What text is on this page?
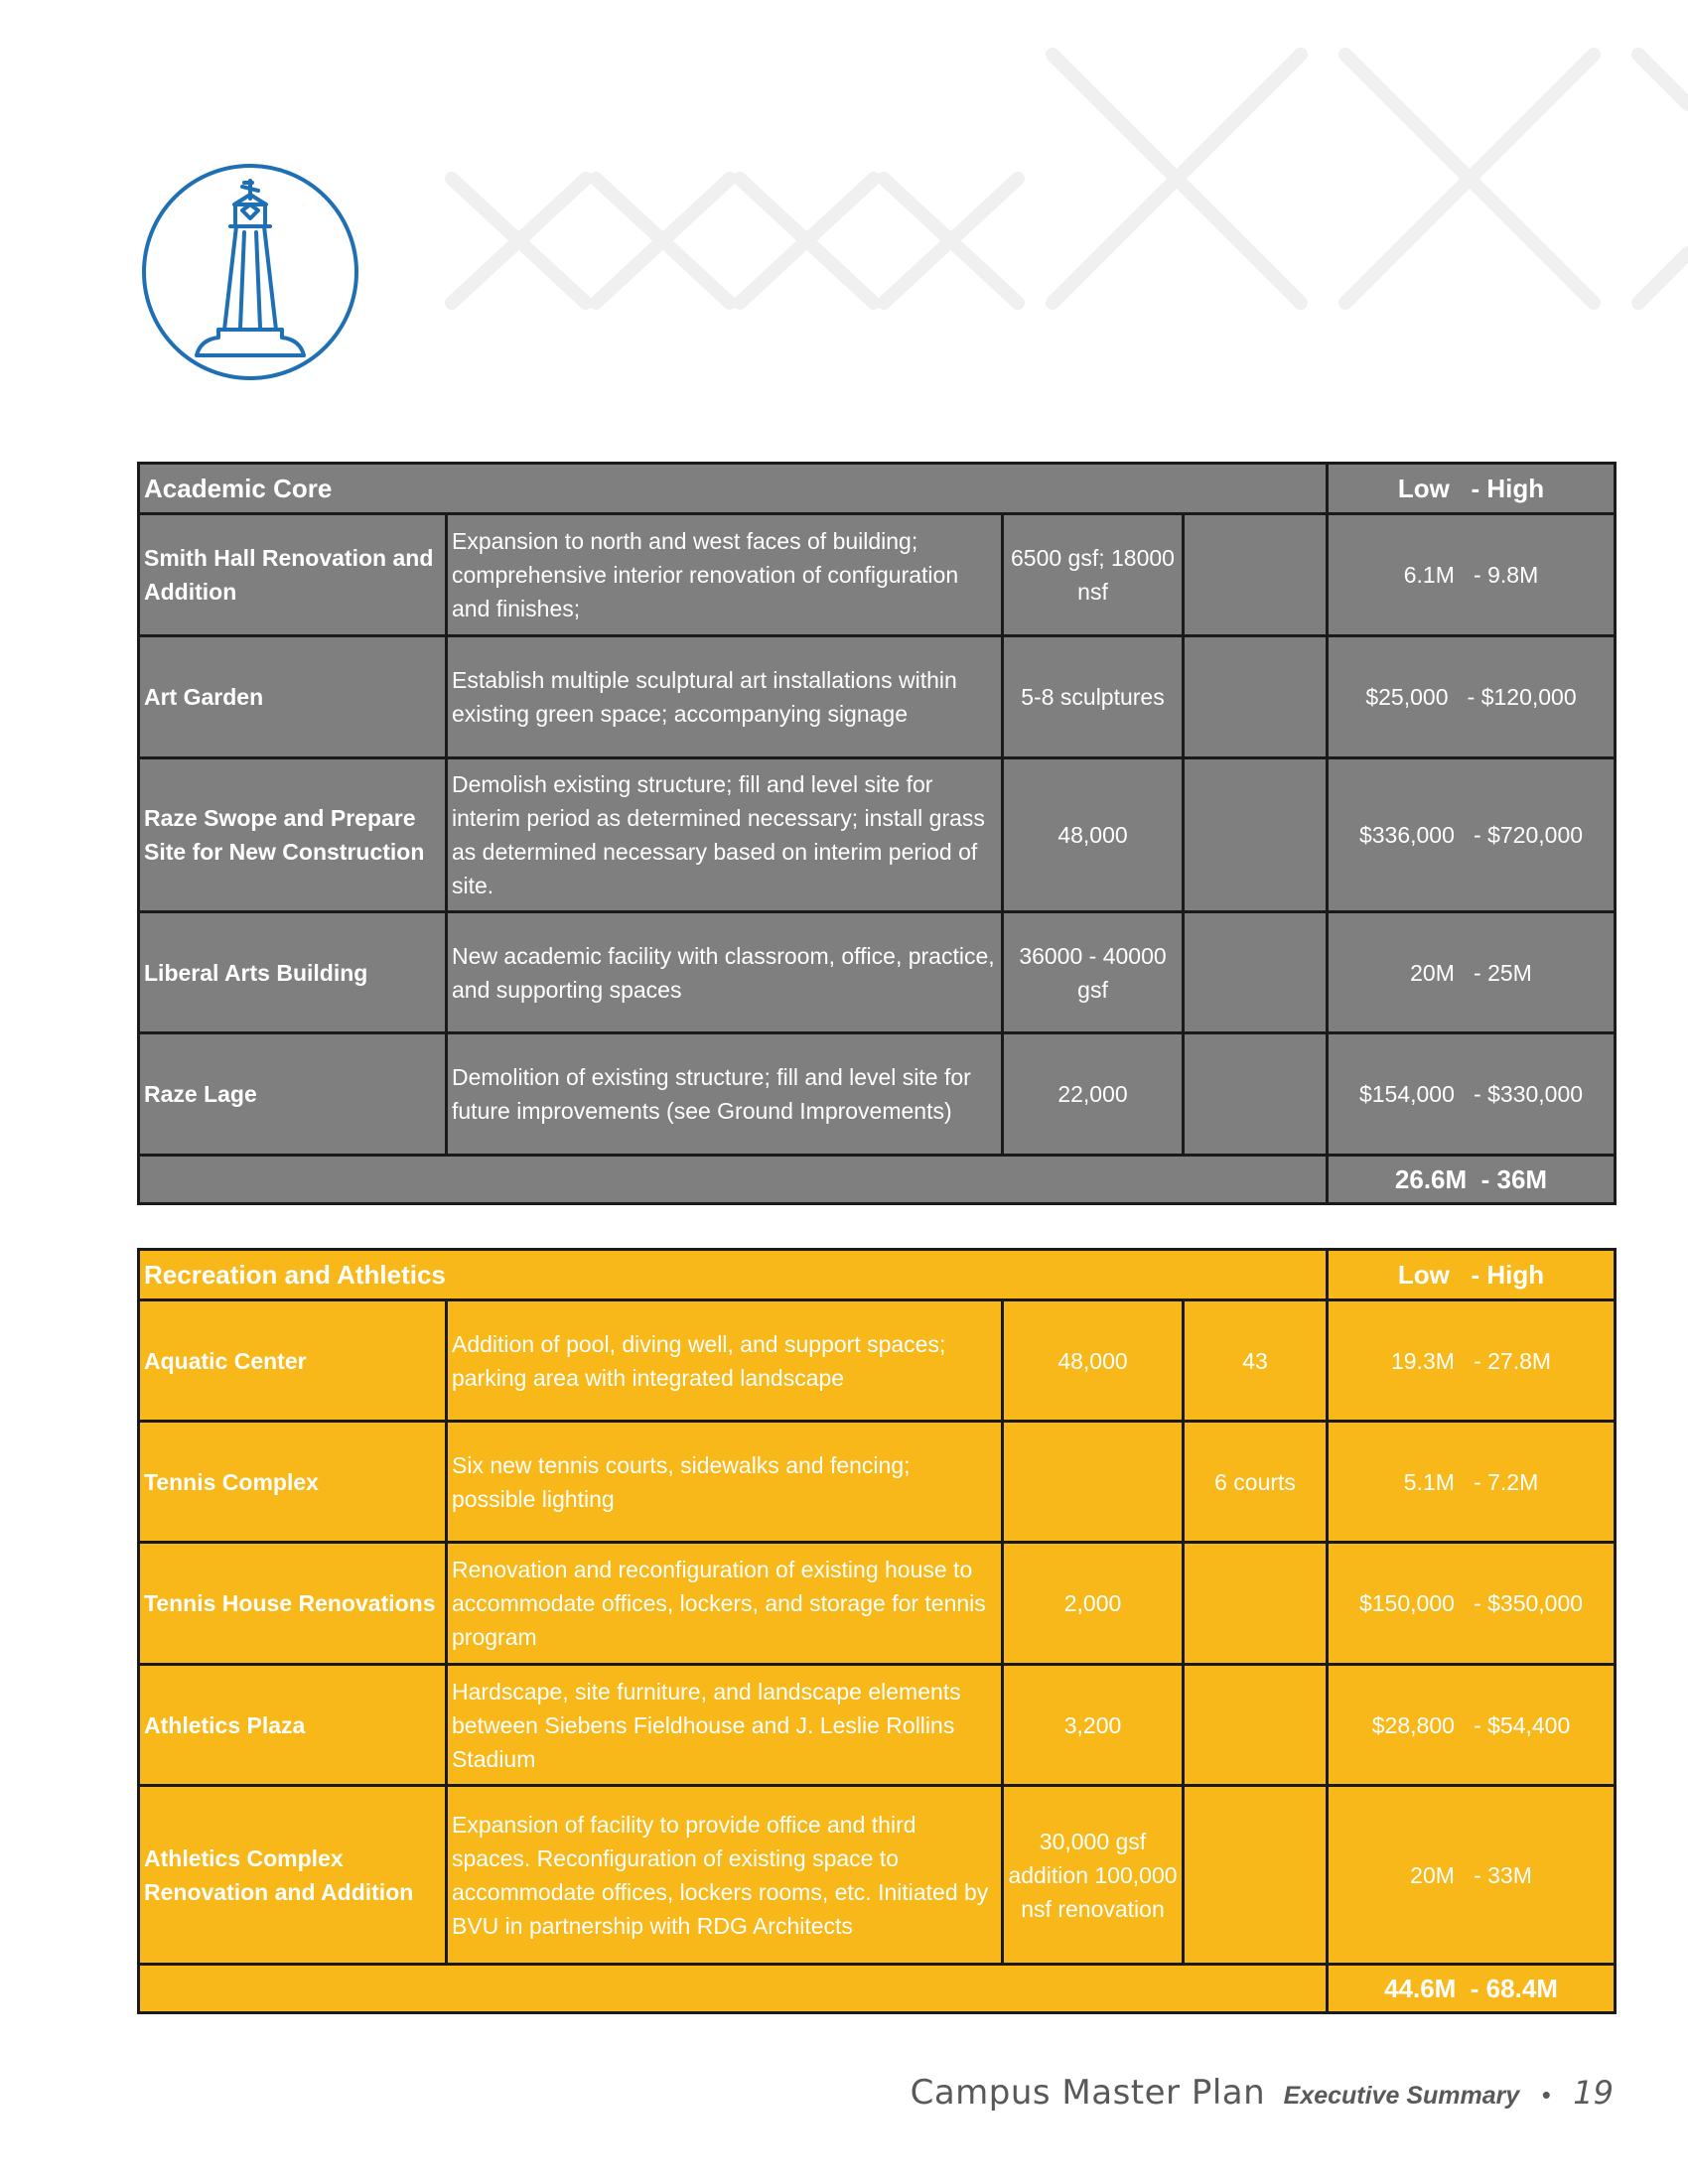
Academic Core				Low   - High
Smith Hall Renovation and Addition	Expansion to north and west faces of building; comprehensive interior renovation of configuration and finishes;	6500 gsf; 18000 nsf		6.1M   - 9.8M
Art Garden	Establish multiple sculptural art installations within existing green space; accompanying signage	5-8 sculptures		$25,000   - $120,000
Raze Swope and Prepare Site for New Construction	Demolish existing structure; fill and level site for interim period as determined necessary; install grass as determined necessary based on interim period of site.	48,000		$336,000   - $720,000
Liberal Arts Building	New academic facility with classroom, office, practice, and supporting spaces	36000 - 40000 gsf		20M   - 25M
Raze Lage	Demolition of existing structure; fill and level site for future improvements (see Ground Improvements)	22,000		$154,000   - $330,000
				26.6M  - 36M
Recreation and Athletics				Low   - High
Aquatic Center	Addition of pool, diving well, and support spaces; parking area with integrated landscape	48,000	43	19.3M   - 27.8M
Tennis Complex	Six new tennis courts, sidewalks and fencing; possible lighting		6 courts	5.1M   - 7.2M
Tennis House Renovations	Renovation and reconfiguration of existing house to accommodate offices, lockers, and storage for tennis program	2,000		$150,000   - $350,000
Athletics Plaza	Hardscape, site furniture, and landscape elements between Siebens Fieldhouse and J. Leslie Rollins Stadium	3,200		$28,800   - $54,400
Athletics Complex Renovation and Addition	Expansion of facility to provide office and third spaces. Reconfiguration of existing space to accommodate offices, lockers rooms, etc. Initiated by BVU in partnership with RDG Architects	30,000 gsf addition 100,000 nsf renovation		20M   - 33M
				44.6M  - 68.4M
Campus Master Plan Executive Summary • 19
